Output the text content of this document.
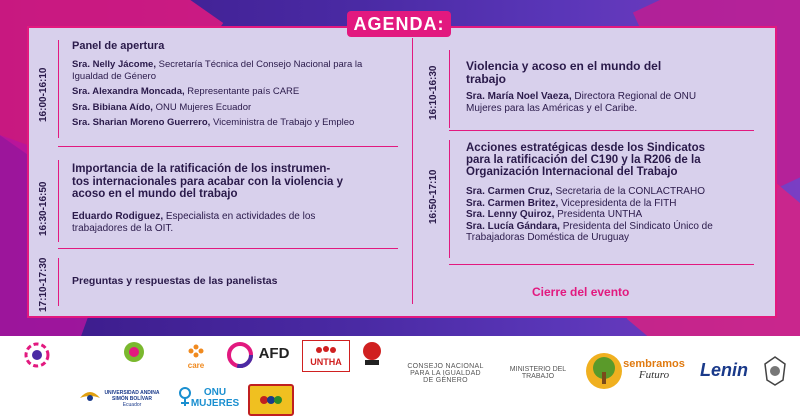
AGENDA:
16:00-16:10
Panel de apertura
Sra. Nelly Jácome, Secretaría Técnica del Consejo Nacional para la
Igualdad de Género
Sra. Alexandra Moncada, Representante país CARE
Sra. Bibiana Aído, ONU Mujeres Ecuador
Sra. Sharian Moreno Guerrero, Viceministra de Trabajo y Empleo
16:30-16:50
Importancia de la ratificación de los instrumen-
tos internacionales para acabar con la violencia y
acoso en el mundo del trabajo
Eduardo Rodiguez, Especialista en actividades de los
trabajadores de la OIT.
17:10-17:30 Preguntas y respuestas de las panelistas
16:10-16:30 Violencia y acoso en el mundo del
trabajo
Sra. María Noel Vaeza, Directora Regional de ONU
Mujeres para las Américas y el Caribe.
16:50-17:10
Acciones estratégicas desde los Sindicatos
para la ratificación del C190 y la R206 de la
Organización Internacional del Trabajo
Sra. Carmen Cruz, Secretaria de la CONLACTRAHO
Sra. Carmen Britez, Vicepresidenta de la FITH
Sra. Lenny Quiroz, Presidenta UNTHA
Sra. Lucía Gándara, Presidenta del Sindicato Único de
Trabajadoras Doméstica de Uruguay
Cierre del evento
care
AFD
UNTHA	CONSEJO NACIONAL
PARA LA IGUALDAD
DE GÉNERO
MINISTERIO DEL
TRABAJO
sembramos
Futuro	Lenin
UNIVERSIDAD ANDINA
SIMÓN BOLÍVAR
Ecuador
ONU
MUJERES
